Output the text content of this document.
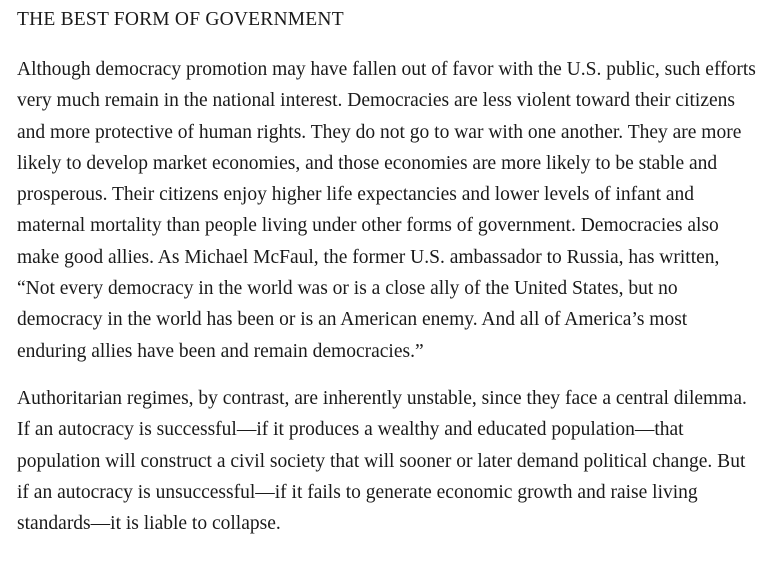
THE BEST FORM OF GOVERNMENT

Although democracy promotion may have fallen out of favor with the U.S. public, such efforts very much remain in the national interest. Democracies are less violent toward their citizens and more protective of human rights. They do not go to war with one another. They are more likely to develop market economies, and those economies are more likely to be stable and prosperous. Their citizens enjoy higher life expectancies and lower levels of infant and maternal mortality than people living under other forms of government. Democracies also make good allies. As Michael McFaul, the former U.S. ambassador to Russia, has written, “Not every democracy in the world was or is a close ally of the United States, but no democracy in the world has been or is an American enemy. And all of America’s most enduring allies have been and remain democracies.”

Authoritarian regimes, by contrast, are inherently unstable, since they face a central dilemma. If an autocracy is successful—if it produces a wealthy and educated population—that population will construct a civil society that will sooner or later demand political change. But if an autocracy is unsuccessful—if it fails to generate economic growth and raise living standards—it is liable to collapse.
